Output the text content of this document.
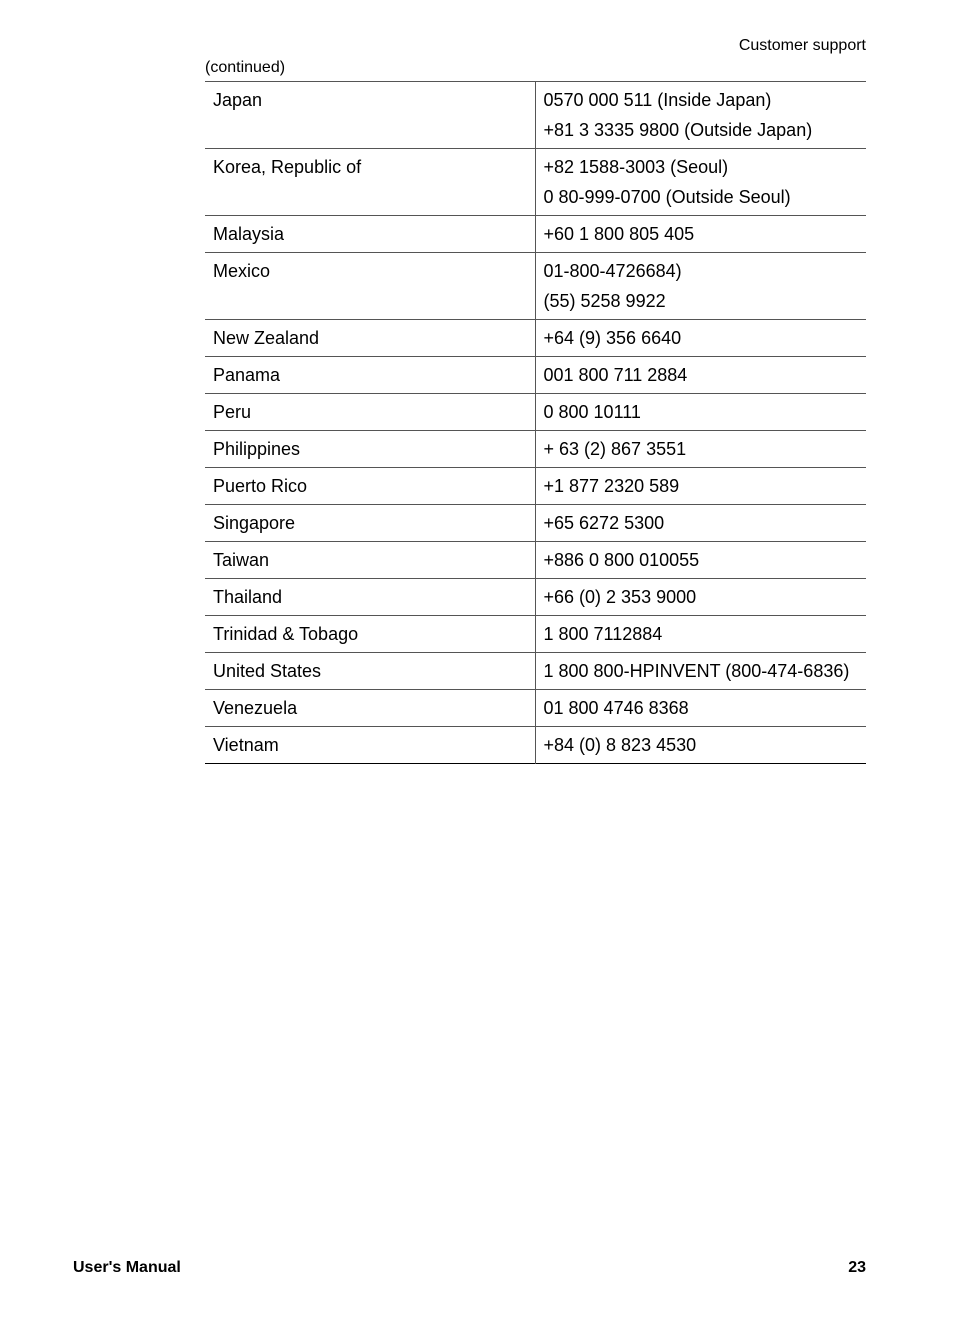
Customer support
(continued)
Japan	0570 000 511 (Inside Japan)
+81 3 3335 9800 (Outside Japan)

Korea, Republic of	+82 1588-3003 (Seoul)
0 80-999-0700 (Outside Seoul)

Malaysia	+60 1 800 805 405

Mexico	01-800-4726684)
(55) 5258 9922

New Zealand	+64 (9) 356 6640

Panama	001 800 711 2884

Peru	0 800 10111

Philippines	+ 63 (2) 867 3551

Puerto Rico	+1 877 2320 589

Singapore	+65 6272 5300

Taiwan	+886 0 800 010055

Thailand	+66 (0) 2 353 9000

Trinidad & Tobago	1 800 7112884

United States	1 800 800-HPINVENT (800-474-6836)

Venezuela	01 800 4746 8368

Vietnam	+84 (0) 8 823 4530
User's Manual	23
